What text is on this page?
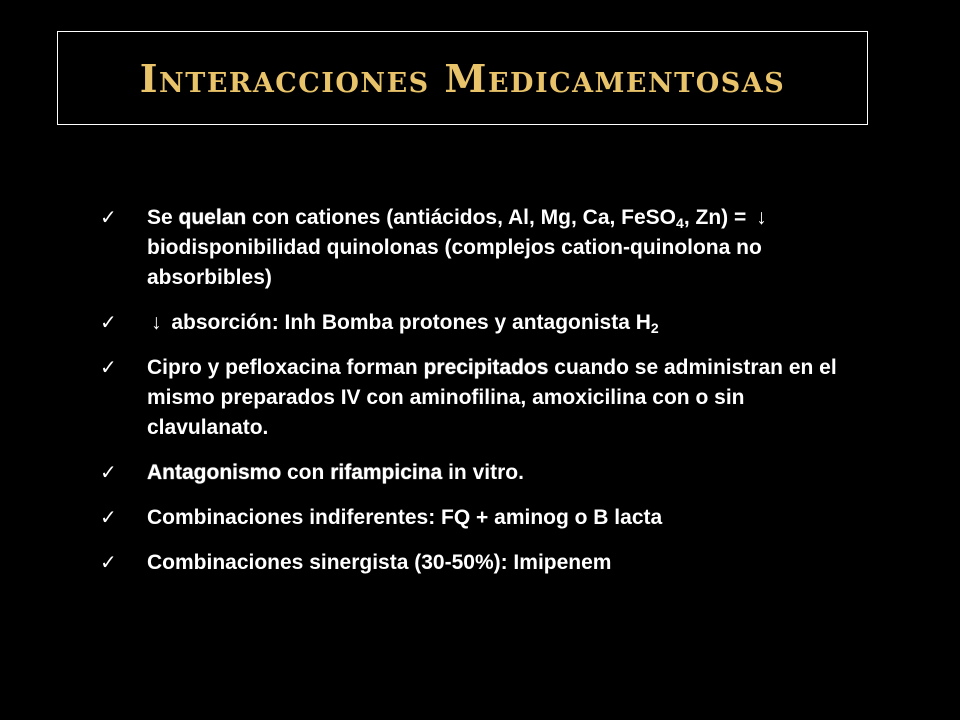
Interacciones Medicamentosas
✓ Se quelan con cationes (antiácidos, Al, Mg, Ca, FeSO$_4$, Zn) = ↓ biodisponibilidad quinolonas (complejos cation-quinolona no absorbibles)
✓ ↓ absorción: Inh Bomba protones y antagonista $H_2$
✓ Cipro y pefloxacina forman precipitados cuando se administran en el mismo preparados IV con aminofilina, amoxicilina con o sin clavulanato.
✓ Antagonismo con rifampicina in vitro.
✓ Combinaciones indiferentes: FQ + aminog o B lacta
✓ Combinaciones sinergista (30-50%): Imipenem
